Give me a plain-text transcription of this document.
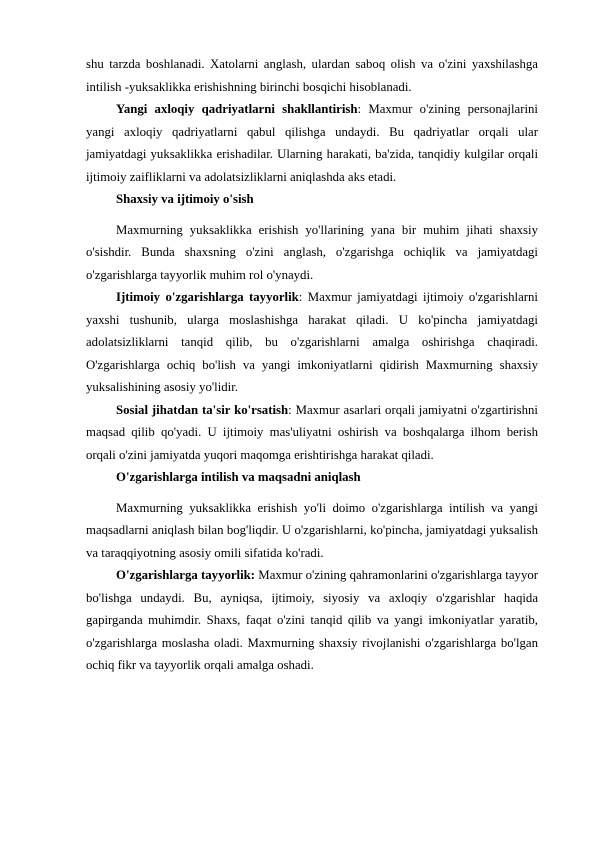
shu tarzda boshlanadi. Xatolarni anglash, ulardan saboq olish va o'zini yaxshilashga intilish -yuksaklikka erishishning birinchi bosqichi hisoblanadi.

Yangi axloqiy qadriyatlarni shakllantirish: Maxmur o'zining personajlarini yangi axloqiy qadriyatlarni qabul qilishga undaydi. Bu qadriyatlar orqali ular jamiyatdagi yuksaklikka erishadilar. Ularning harakati, ba'zida, tanqidiy kulgilar orqali ijtimoiy zaifliklarni va adolatsizliklarni aniqlashda aks etadi.

Shaxsiy va ijtimoiy o'sish

Maxmurning yuksaklikka erishish yo'llarining yana bir muhim jihati shaxsiy o'sishdir. Bunda shaxsning o'zini anglash, o'zgarishga ochiqlik va jamiyatdagi o'zgarishlarga tayyorlik muhim rol o'ynaydi.

Ijtimoiy o'zgarishlarga tayyorlik: Maxmur jamiyatdagi ijtimoiy o'zgarishlarni yaxshi tushunib, ularga moslashishga harakat qiladi. U ko'pincha jamiyatdagi adolatsizliklarni tanqid qilib, bu o'zgarishlarni amalga oshirishga chaqiradi. O'zgarishlarga ochiq bo'lish va yangi imkoniyatlarni qidirish Maxmurning shaxsiy yuksalishining asosiy yo'lidir.

Sosial jihatdan ta'sir ko'rsatish: Maxmur asarlari orqali jamiyatni o'zgartirishni maqsad qilib qo'yadi. U ijtimoiy mas'uliyatni oshirish va boshqalarga ilhom berish orqali o'zini jamiyatda yuqori maqomga erishtirishga harakat qiladi.

O'zgarishlarga intilish va maqsadni aniqlash

Maxmurning yuksaklikka erishish yo'li doimo o'zgarishlarga intilish va yangi maqsadlarni aniqlash bilan bog'liqdir. U o'zgarishlarni, ko'pincha, jamiyatdagi yuksalish va taraqqiyotning asosiy omili sifatida ko'radi.

O'zgarishlarga tayyorlik: Maxmur o'zining qahramonlarini o'zgarishlarga tayyor bo'lishga undaydi. Bu, ayniqsa, ijtimoiy, siyosiy va axloqiy o'zgarishlar haqida gapirganda muhimdir. Shaxs, faqat o'zini tanqid qilib va yangi imkoniyatlar yaratib, o'zgarishlarga moslasha oladi. Maxmurning shaxsiy rivojlanishi o'zgarishlarga bo'lgan ochiq fikr va tayyorlik orqali amalga oshadi.
